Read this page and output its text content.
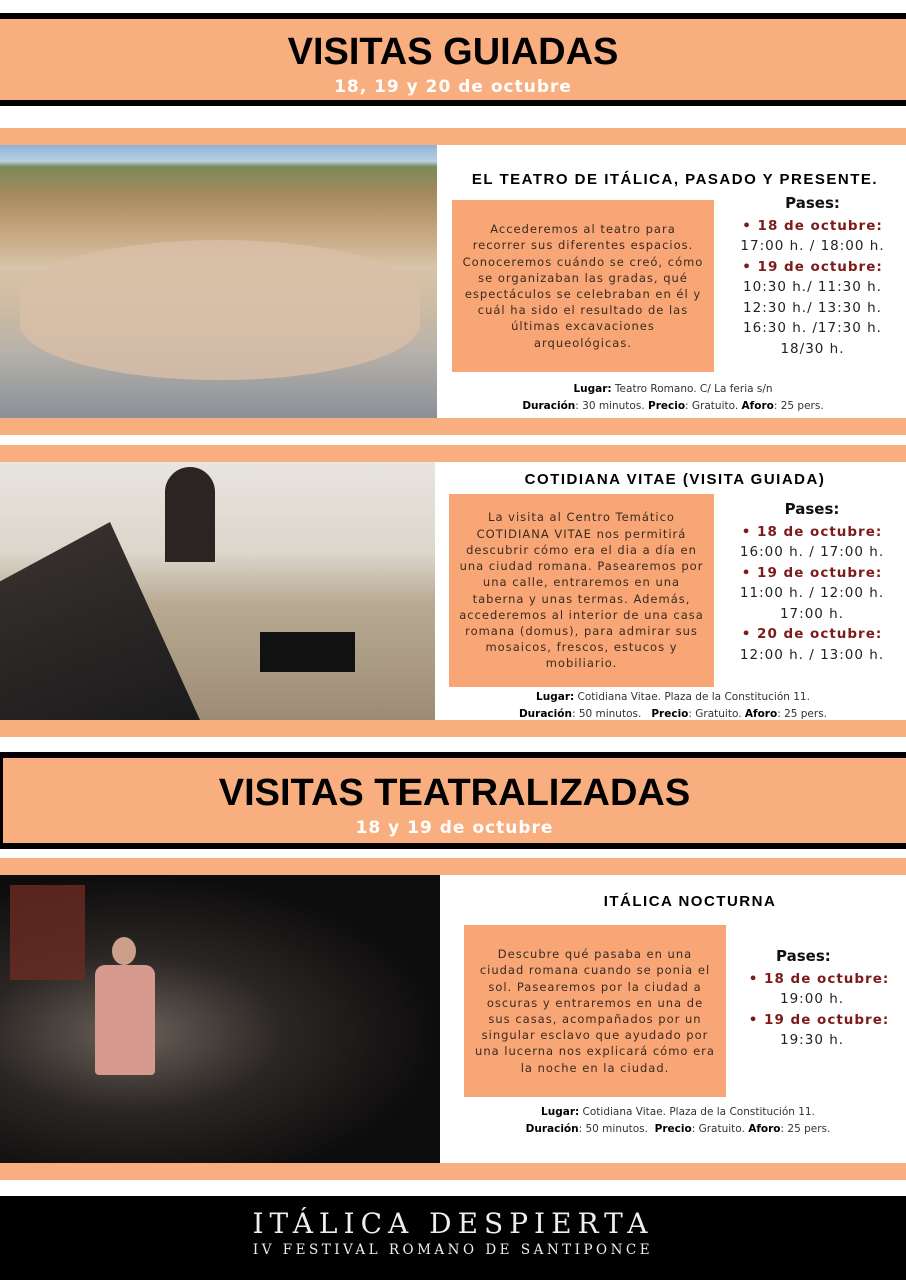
VISITAS GUIADAS
18, 19 y 20 de octubre
EL TEATRO DE ITÁLICA, PASADO Y PRESENTE.
Accederemos al teatro para recorrer sus diferentes espacios. Conoceremos cuándo se creó, cómo se organizaban las gradas, qué espectáculos se celebraban en él y cuál ha sido el resultado de las últimas excavaciones arqueológicas.
Pases:
• 18 de octubre:
17:00 h. / 18:00 h.
• 19 de octubre:
10:30 h./ 11:30 h.
12:30 h./ 13:30 h.
16:30 h. /17:30 h.
18/30 h.
Lugar: Teatro Romano. C/ La feria s/n
Duración: 30 minutos. Precio: Gratuito. Aforo: 25 pers.
COTIDIANA VITAE (VISITA GUIADA)
La visita al Centro Temático COTIDIANA VITAE nos permitirá descubrir cómo era el dia a día en una ciudad romana. Pasearemos por una calle, entraremos en una taberna y unas termas. Además, accederemos al interior de una casa romana (domus), para admirar sus mosaicos, frescos, estucos y mobiliario.
Pases:
• 18 de octubre:
16:00 h. / 17:00 h.
• 19 de octubre:
11:00 h. / 12:00 h.
17:00 h.
• 20 de octubre:
12:00 h. / 13:00 h.
Lugar: Cotidiana Vitae. Plaza de la Constitución 11.
Duración: 50 minutos.   Precio: Gratuito. Aforo: 25 pers.
VISITAS TEATRALIZADAS
18 y 19 de octubre
ITÁLICA NOCTURNA
Descubre qué pasaba en una ciudad romana cuando se ponia el sol. Pasearemos por la ciudad a oscuras y entraremos en una de sus casas, acompañados por un singular esclavo que ayudado por una lucerna nos explicará cómo era la noche en la ciudad.
Pases:
• 18 de octubre:
19:00 h.
• 19 de octubre:
19:30 h.
Lugar: Cotidiana Vitae. Plaza de la Constitución 11.
Duración: 50 minutos.  Precio: Gratuito. Aforo: 25 pers.
ITÁLICA DESPIERTA
IV FESTIVAL ROMANO DE SANTIPONCE
